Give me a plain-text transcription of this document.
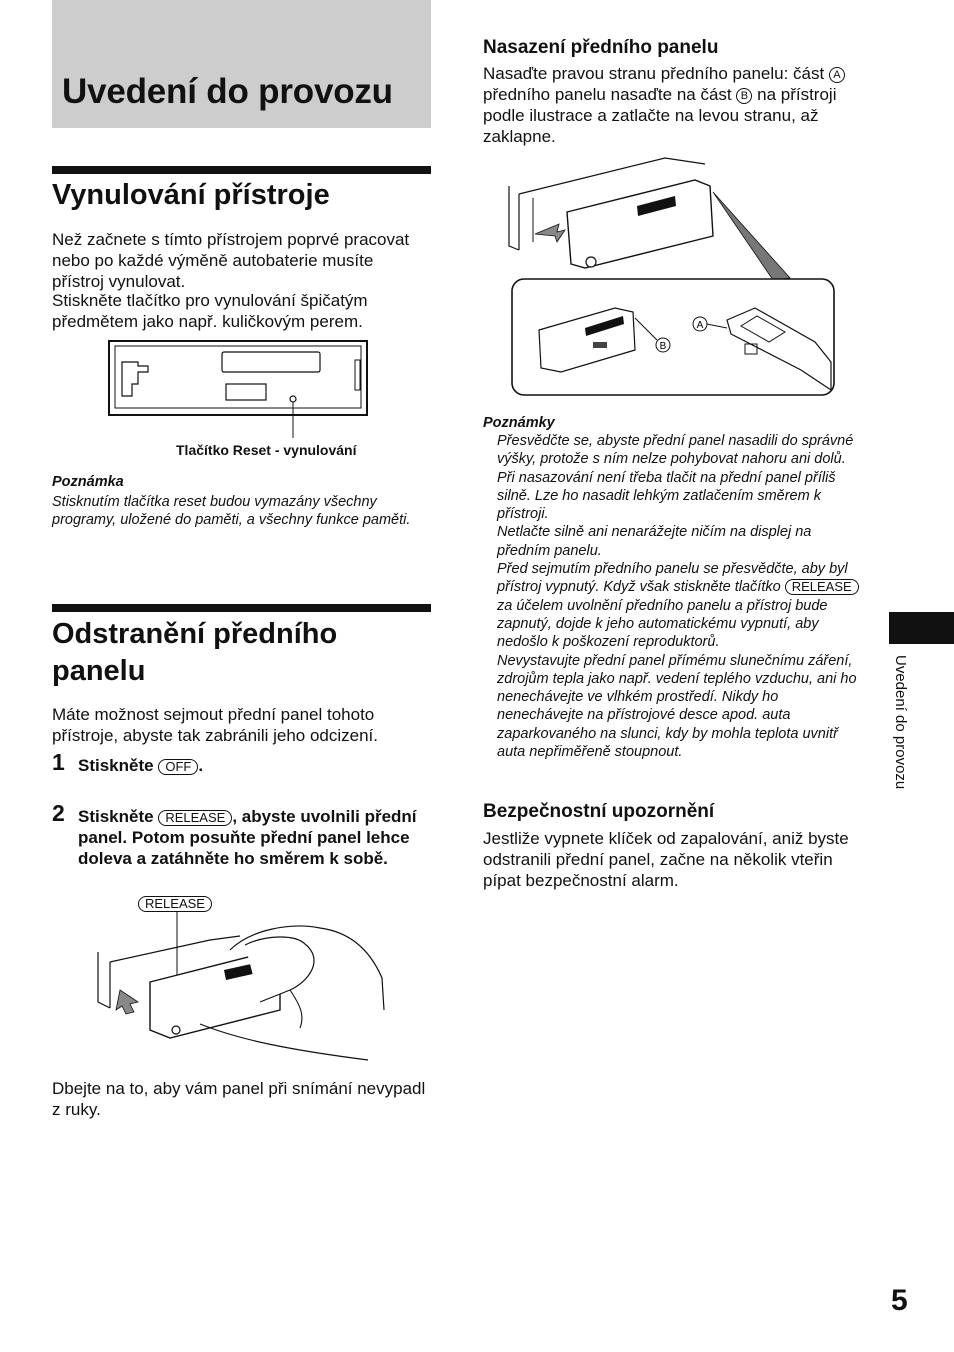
Uvedení do provozu
Vynulování přístroje

Než začnete s tímto přístrojem poprvé pracovat nebo po každé výměně autobaterie musíte přístroj vynulovat.

Stiskněte tlačítko pro vynulování špičatým předmětem jako např. kuličkovým perem.

Tlačítko Reset - vynulování

Poznámka

Stisknutím tlačítka reset budou vymazány všechny programy, uložené do paměti, a všechny funkce paměti.

Odstranění předního panelu

Máte možnost sejmout přední panel tohoto přístroje, abyste tak zabránili jeho odcizení.

1 Stiskněte OFF .

2 Stiskněte RELEASE , abyste uvolnili přední panel. Potom posuňte přední panel lehce doleva a zatáhněte ho směrem k sobě.

RELEASE

Dbejte na to, aby vám panel při snímání nevypadl z ruky.

Nasazení předního panelu

Nasaďte pravou stranu předního panelu: část A předního panelu nasaďte na část B na přístroji podle ilustrace a zatlačte na levou stranu, až zaklapne.

B
A

Poznámky

Přesvědčte se, abyste přední panel nasadili do správné výšky, protože s ním nelze pohybovat nahoru ani dolů.

Při nasazování není třeba tlačit na přední panel příliš silně. Lze ho nasadit lehkým zatlačením směrem k přístroji.

Netlačte silně ani nenarážejte ničím na displej na předním panelu.

Před sejmutím předního panelu se přesvědčte, aby byl přístroj vypnutý. Když však stiskněte tlačítko RELEASE za účelem uvolnění předního panelu a přístroj bude zapnutý, dojde k jeho automatickému vypnutí, aby nedošlo k poškození reproduktorů.

Nevystavujte přední panel přímému slunečnímu záření, zdrojům tepla jako např. vedení teplého vzduchu, ani ho nenechávejte ve vlhkém prostředí. Nikdy ho nenechávejte na přístrojové desce apod. auta zaparkovaného na slunci, kdy by mohla teplota uvnitř auta nepřiměřeně stoupnout.

Bezpečnostní upozornění

Jestliže vypnete klíček od zapalování, aniž byste odstranili přední panel, začne na několik vteřin pípat bezpečnostní alarm.

Uvedení do provozu
5
